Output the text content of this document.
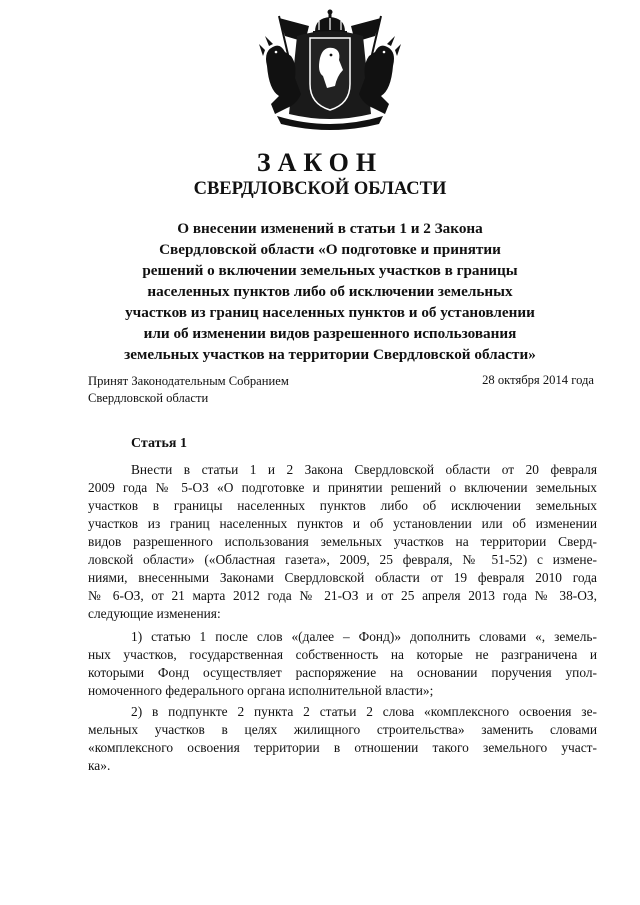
ЗАКОН
СВЕРДЛОВСКОЙ ОБЛАСТИ
О внесении изменений в статьи 1 и 2 Закона
Свердловской области «О подготовке и принятии
решений о включении земельных участков в границы
населенных пунктов либо об исключении земельных
участков из границ населенных пунктов и об установлении
или об изменении видов разрешенного использования
земельных участков на территории Свердловской области»
Принят Законодательным Собранием
Свердловской области
28 октября 2014 года
Статья 1
Внести в статьи 1 и 2 Закона Свердловской области от 20 февраля
2009 года № 5-ОЗ «О подготовке и принятии решений о включении земельных
участков в границы населенных пунктов либо об исключении земельных
участков из границ населенных пунктов и об установлении или об изменении
видов разрешенного использования земельных участков на территории Сверд-
ловской области» («Областная газета», 2009, 25 февраля, № 51-52) с измене-
ниями, внесенными Законами Свердловской области от 19 февраля 2010 года
№ 6-ОЗ, от 21 марта 2012 года № 21-ОЗ и от 25 апреля 2013 года № 38-ОЗ,
следующие изменения:
1) статью 1 после слов «(далее – Фонд)» дополнить словами «, земель-
ных участков, государственная собственность на которые не разграничена и
которыми Фонд осуществляет распоряжение на основании поручения упол-
номоченного федерального органа исполнительной власти»;
2) в подпункте 2 пункта 2 статьи 2 слова «комплексного освоения зе-
мельных участков в целях жилищного строительства» заменить словами
«комплексного освоения территории в отношении такого земельного участ-
ка».
